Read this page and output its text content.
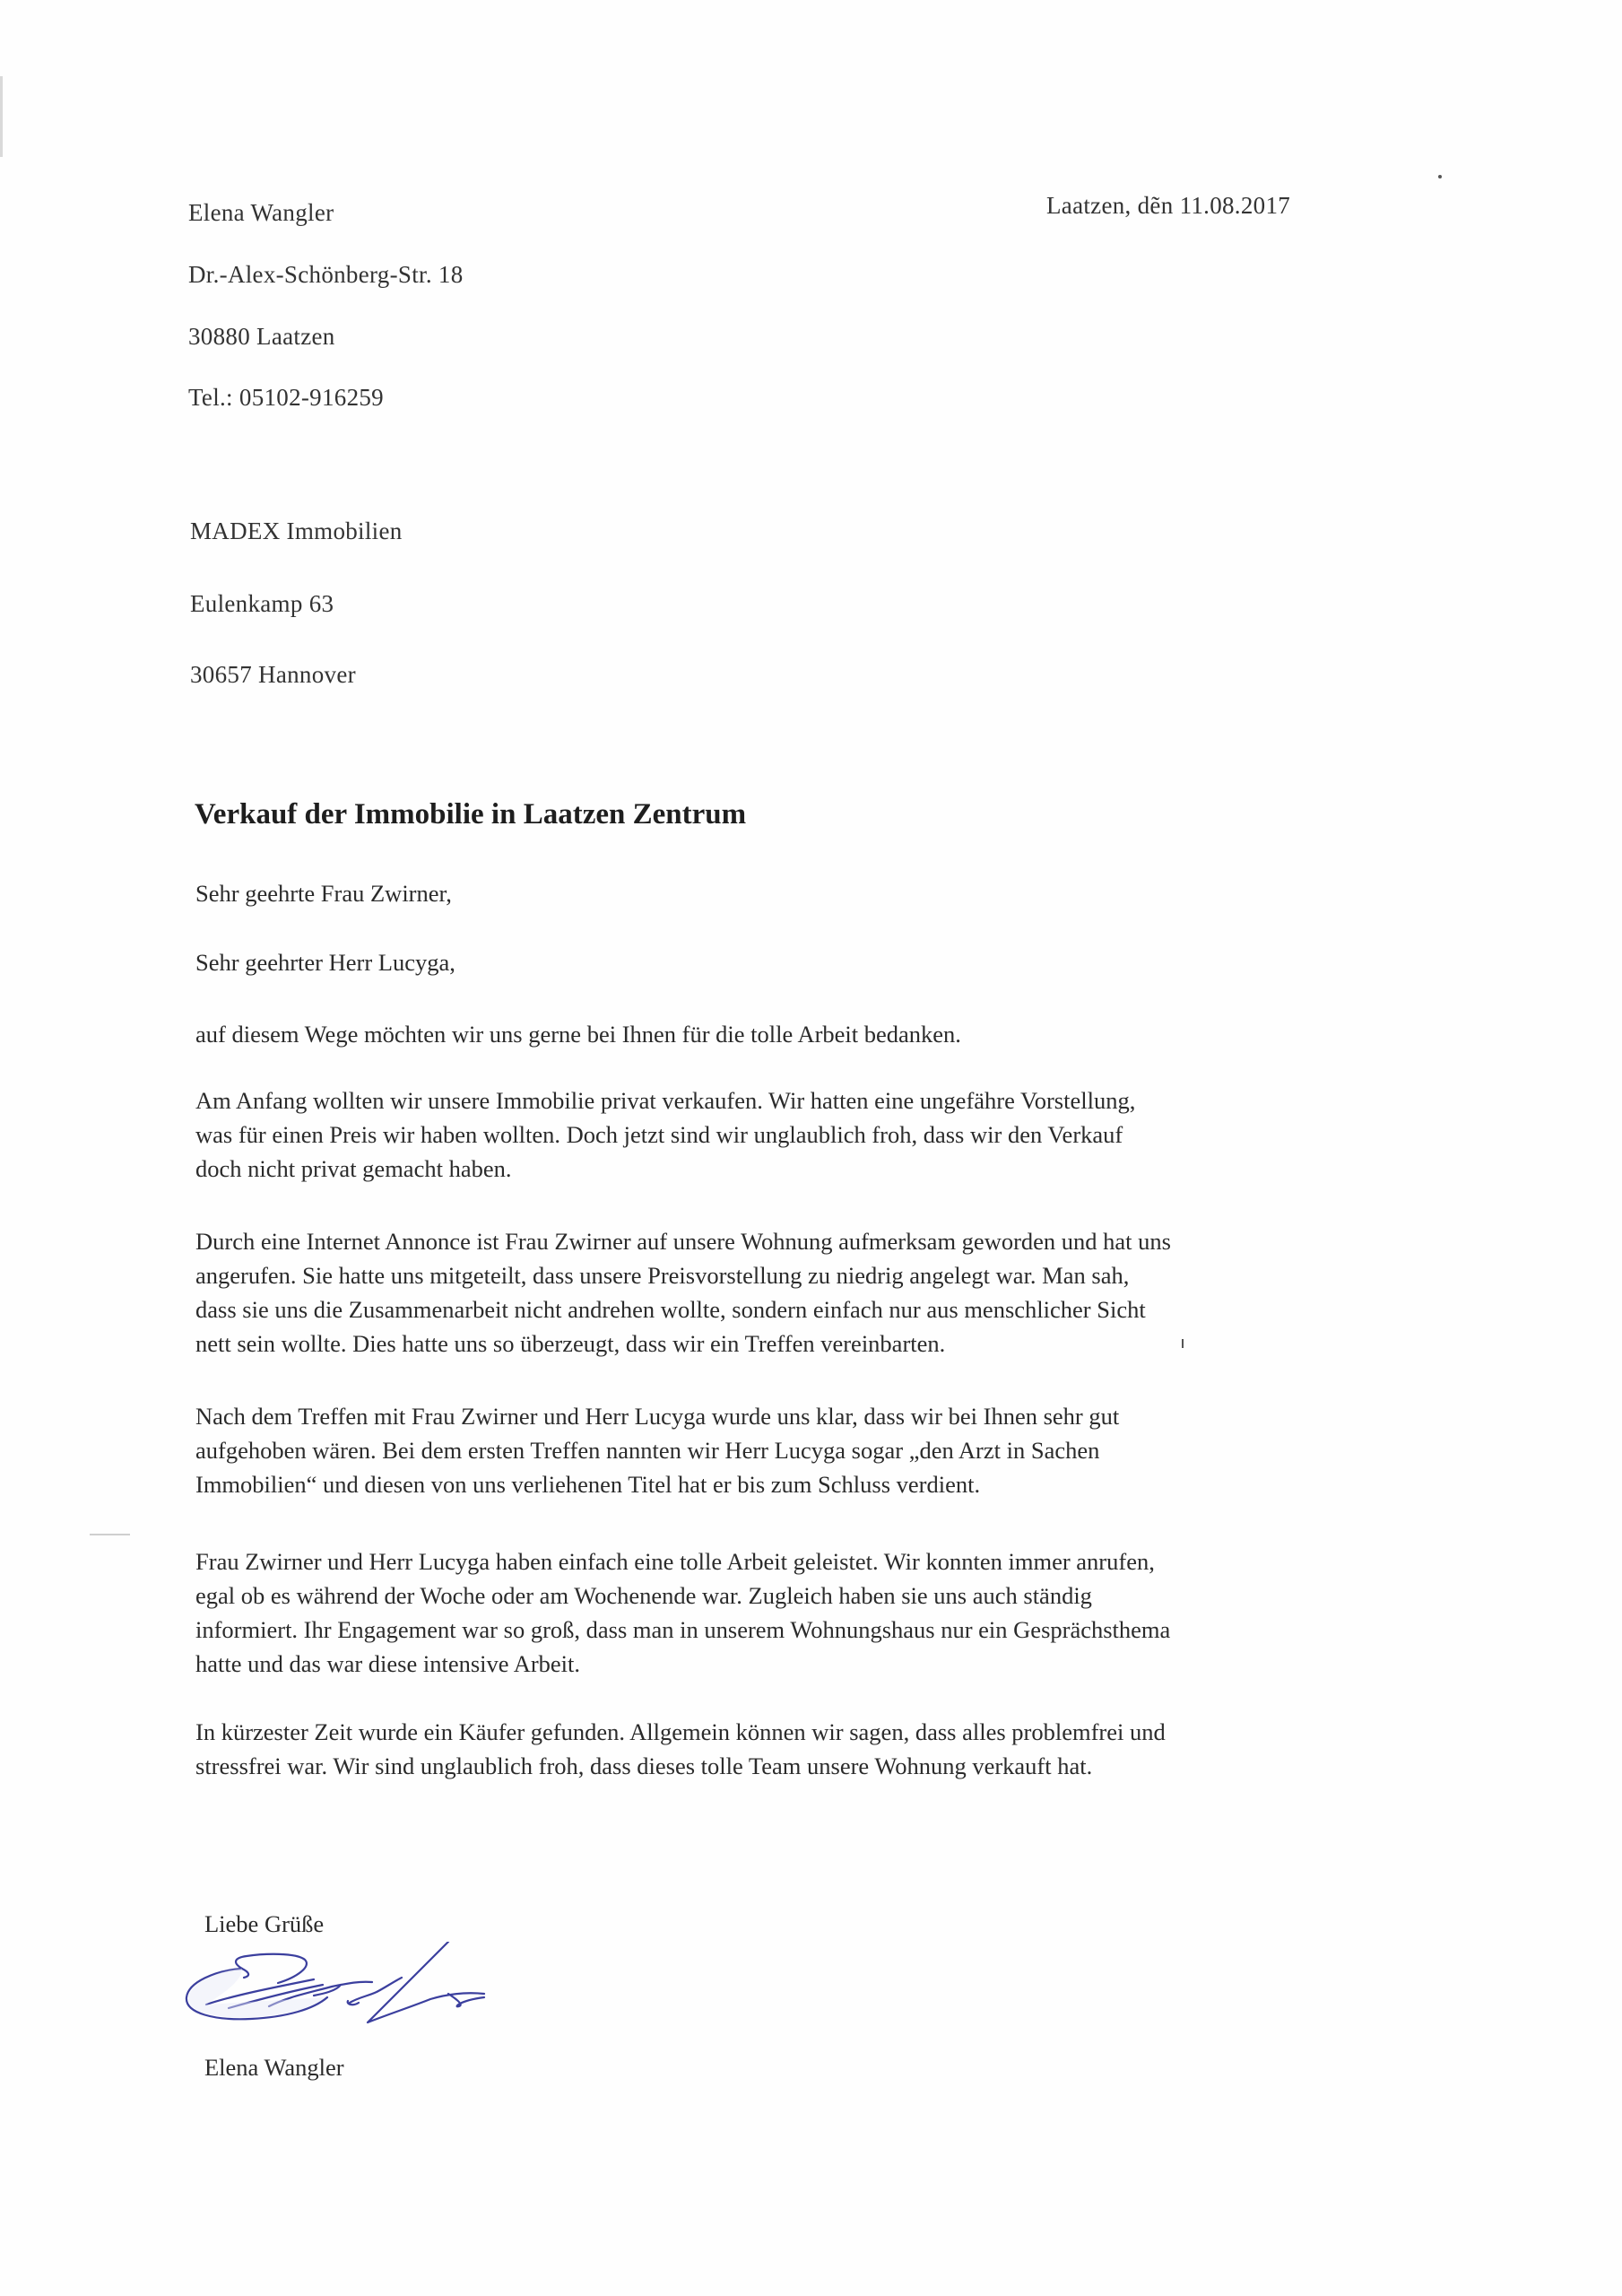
Elena Wangler
Dr.-Alex-Schönberg-Str. 18
30880 Laatzen
Tel.: 05102-916259
Laatzen, dẽn 11.08.2017
MADEX Immobilien
Eulenkamp 63
30657 Hannover
Verkauf der Immobilie in Laatzen Zentrum
Sehr geehrte Frau Zwirner,
Sehr geehrter Herr Lucyga,
auf diesem Wege möchten wir uns gerne bei Ihnen für die tolle Arbeit bedanken.
Am Anfang wollten wir unsere Immobilie privat verkaufen. Wir hatten eine ungefähre Vorstellung,
was für einen Preis wir haben wollten. Doch jetzt sind wir unglaublich froh, dass wir den Verkauf
doch nicht privat gemacht haben.
Durch eine Internet Annonce ist Frau Zwirner auf unsere Wohnung aufmerksam geworden und hat uns
angerufen. Sie hatte uns mitgeteilt, dass unsere Preisvorstellung zu niedrig angelegt war. Man sah,
dass sie uns die Zusammenarbeit nicht andrehen wollte, sondern einfach nur aus menschlicher Sicht
nett sein wollte. Dies hatte uns so überzeugt, dass wir ein Treffen vereinbarten.
Nach dem Treffen mit Frau Zwirner und Herr Lucyga wurde uns klar, dass wir bei Ihnen sehr gut
aufgehoben wären. Bei dem ersten Treffen nannten wir Herr Lucyga sogar „den Arzt in Sachen
Immobilien“ und diesen von uns verliehenen Titel hat er bis zum Schluss verdient.
Frau Zwirner und Herr Lucyga haben einfach eine tolle Arbeit geleistet. Wir konnten immer anrufen,
egal ob es während der Woche oder am Wochenende war. Zugleich haben sie uns auch ständig
informiert. Ihr Engagement war so groß, dass man in unserem Wohnungshaus nur ein Gesprächsthema
hatte und das war diese intensive Arbeit.
In kürzester Zeit wurde ein Käufer gefunden. Allgemein können wir sagen, dass alles problemfrei und
stressfrei war. Wir sind unglaublich froh, dass dieses tolle Team unsere Wohnung verkauft hat.
Liebe Grüße
Elena Wangler
